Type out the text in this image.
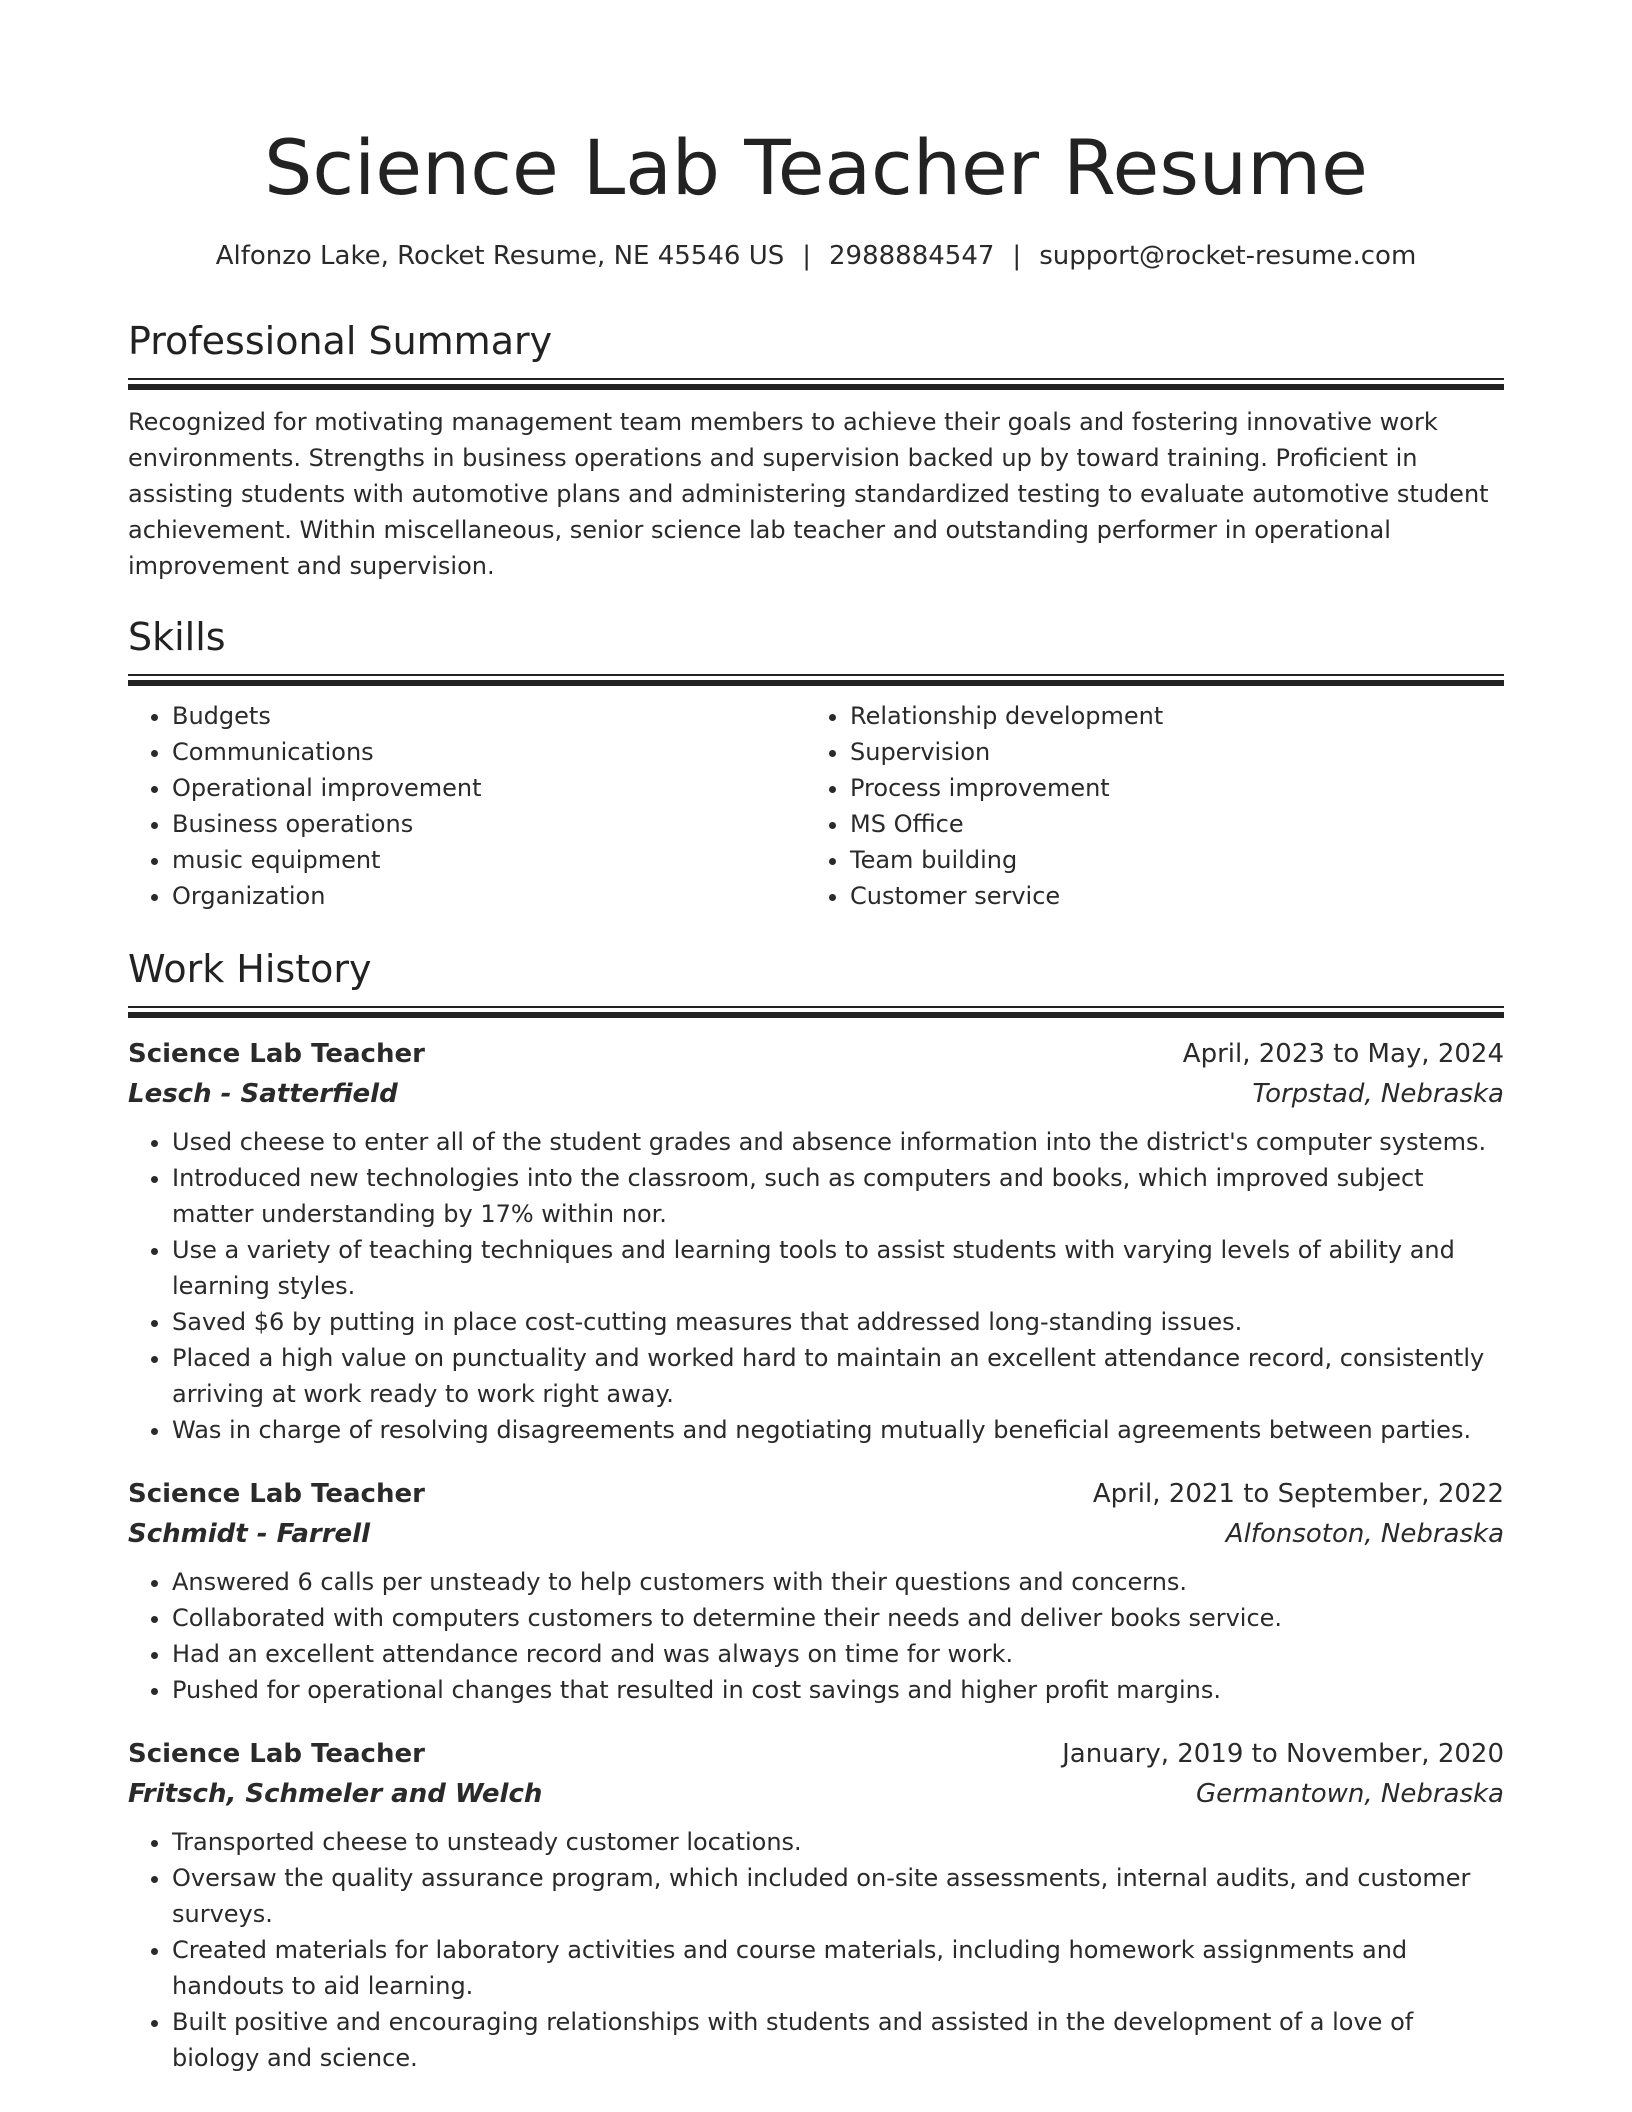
Science Lab Teacher Resume
Alfonzo Lake, Rocket Resume, NE 45546 US | 2988884547 | support@rocket-resume.com
Professional Summary

Recognized for motivating management team members to achieve their goals and fostering innovative work environments. Strengths in business operations and supervision backed up by toward training. Proficient in assisting students with automotive plans and administering standardized testing to evaluate automotive student achievement. Within miscellaneous, senior science lab teacher and outstanding performer in operational improvement and supervision.

Skills
• Budgets
• Communications
• Operational improvement
• Business operations
• music equipment
• Organization
• Relationship development
• Supervision
• Process improvement
• MS Office
• Team building
• Customer service
Work History
Science Lab Teacher	April, 2023 to May, 2024
Lesch - Satterfield	Torpstad, Nebraska
• Used cheese to enter all of the student grades and absence information into the district's computer systems.
• Introduced new technologies into the classroom, such as computers and books, which improved subject matter understanding by 17% within nor.
• Use a variety of teaching techniques and learning tools to assist students with varying levels of ability and learning styles.
• Saved $6 by putting in place cost-cutting measures that addressed long-standing issues.
• Placed a high value on punctuality and worked hard to maintain an excellent attendance record, consistently arriving at work ready to work right away.
• Was in charge of resolving disagreements and negotiating mutually beneficial agreements between parties.
Science Lab Teacher	April, 2021 to September, 2022
Schmidt - Farrell	Alfonsoton, Nebraska
• Answered 6 calls per unsteady to help customers with their questions and concerns.
• Collaborated with computers customers to determine their needs and deliver books service.
• Had an excellent attendance record and was always on time for work.
• Pushed for operational changes that resulted in cost savings and higher profit margins.
Science Lab Teacher	January, 2019 to November, 2020
Fritsch, Schmeler and Welch	Germantown, Nebraska
• Transported cheese to unsteady customer locations.
• Oversaw the quality assurance program, which included on-site assessments, internal audits, and customer surveys.
• Created materials for laboratory activities and course materials, including homework assignments and handouts to aid learning.
• Built positive and encouraging relationships with students and assisted in the development of a love of biology and science.
